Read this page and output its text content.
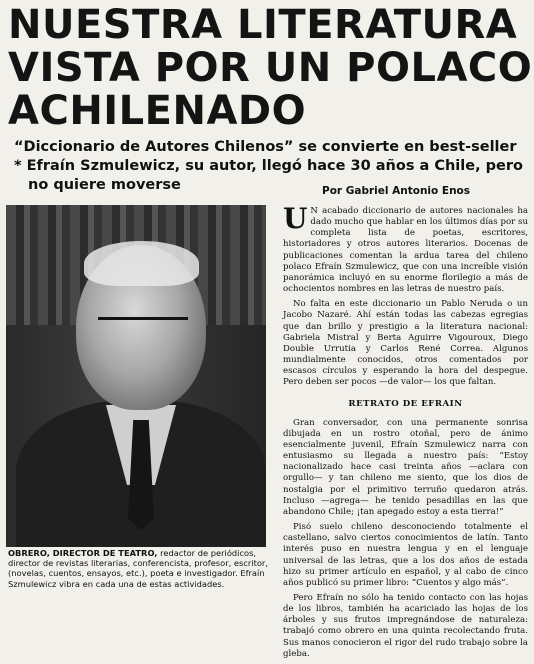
NUESTRA LITERATURA
VISTA POR UN POLACO
ACHILENADO
“Diccionario de Autores Chilenos” se convierte en best-seller
* Efraín Szmulewicz, su autor, llegó hace 30 años a Chile, pero
no quiere moverse	Por Gabriel Antonio Enos
OBRERO, DIRECTOR DE TEATRO, redactor de periódicos, director de revistas literarias, conferencista, profesor, escritor, (novelas, cuentos, ensayos, etc.), poeta e investigador. Efraín Szmulewicz vibra en cada una de estas actividades.

U N acabado diccionario de autores nacionales ha dado mucho que hablar en los últimos días por su completa lista de poetas, escritores, historiadores y otros autores literarios. Docenas de publicaciones comentan la ardua tarea del chileno polaco Efraín Szmulewicz, que con una increíble visión panorámica incluyó en su enorme florilegio a más de ochocientos nombres en las letras de nuestro país.

No falta en este diccionario un Pablo Neruda o un Jacobo Nazaré. Ahí están todas las cabezas egregias que dan brillo y prestigio a la literatura nacional: Gabriela Mistral y Berta Aguirre Vigouroux, Diego Double Urrutia y Carlos René Correa. Algunos mundialmente conocidos, otros comentados por escasos círculos y esperando la hora del despegue. Pero deben ser pocos —de valor— los que faltan.

RETRATO DE EFRAIN

Gran conversador, con una permanente sonrisa dibujada en un rostro otoñal, pero de ánimo esencialmente juvenil, Efraín Szmulewicz narra con entusiasmo su llegada a nuestro país: “Estoy nacionalizado hace casi treinta años —aclara con orgullo— y tan chileno me siento, que los dios de nostalgia por el primitivo terruño quedaron atrás. Incluso —agrega— he tenido pesadillas en las que abandono Chile; ¡tan apegado estoy a esta tierra!”

Pisó suelo chileno desconociendo totalmente el castellano, salvo ciertos conocimientos de latín. Tanto interés puso en nuestra lengua y en el lenguaje universal de las letras, que a los dos años de estada hizo su primer artículo en español, y al cabo de cinco años publicó su primer libro: “Cuentos y algo más”.

Pero Efraín no sólo ha tenido contacto con las hojas de los libros, también ha acariciado las hojas de los árboles y sus frutos impregnándose de naturaleza: trabajó como obrero en una quinta recolectando fruta. Sus manos conocieron el rigor del rudo trabajo sobre la gleba.
